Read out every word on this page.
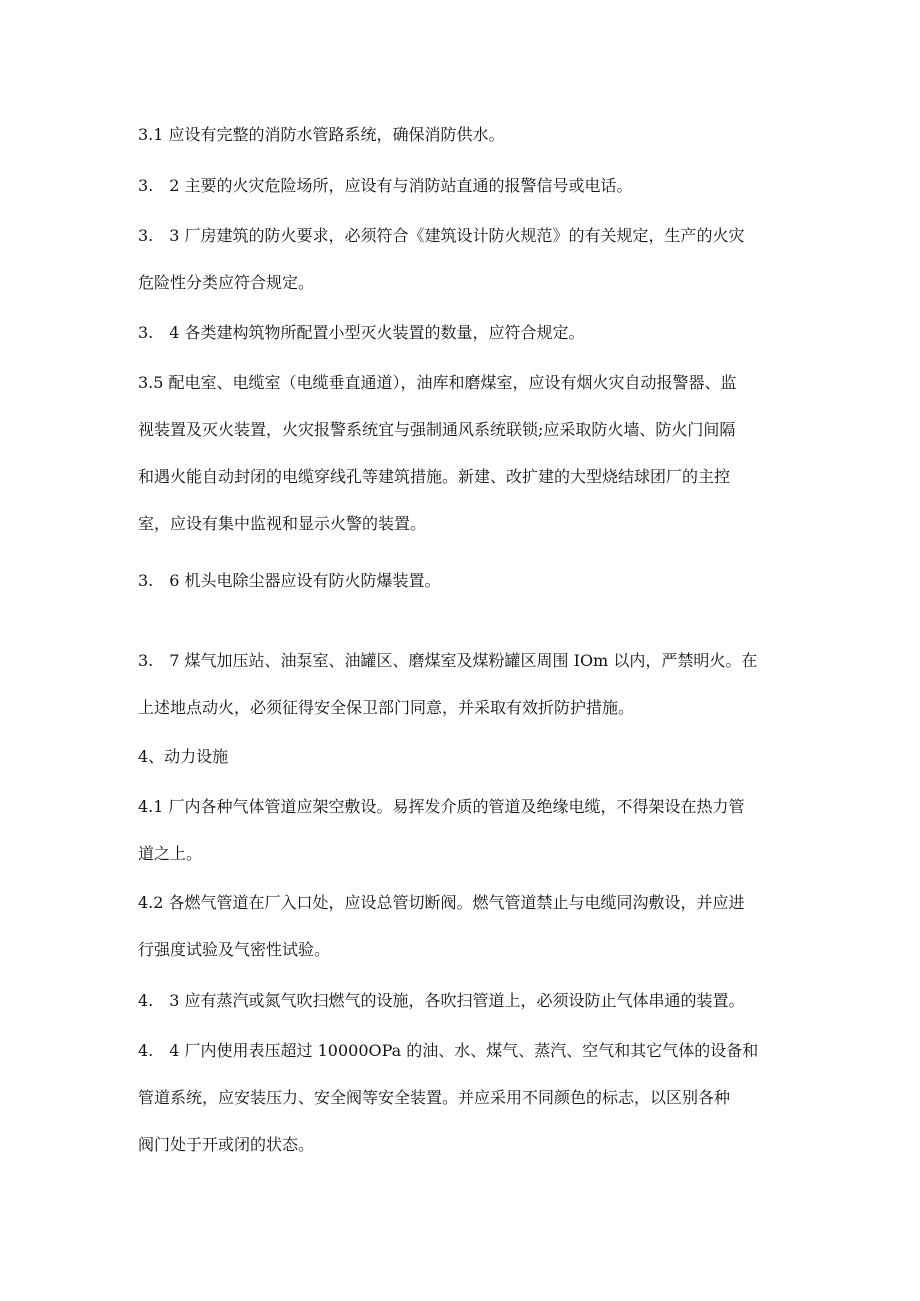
3.1 应设有完整的消防水管路系统，确保消防供水。
3.　2 主要的火灾危险场所，应设有与消防站直通的报警信号或电话。
3.　3 厂房建筑的防火要求，必须符合《建筑设计防火规范》的有关规定，生产的火灾
危险性分类应符合规定。
3.　4 各类建构筑物所配置小型灭火装置的数量，应符合规定。
3.5 配电室、电缆室（电缆垂直通道），油库和磨煤室，应设有烟火灾自动报警器、监
视装置及灭火装置，火灾报警系统宜与强制通风系统联锁;应采取防火墙、防火门间隔
和遇火能自动封闭的电缆穿线孔等建筑措施。新建、改扩建的大型烧结球团厂的主控
室，应设有集中监视和显示火警的装置。
3.　6 机头电除尘器应设有防火防爆装置。
3.　7 煤气加压站、油泵室、油罐区、磨煤室及煤粉罐区周围 IOm 以内，严禁明火。在
上述地点动火，必须征得安全保卫部门同意，并采取有效折防护措施。
4、动力设施
4.1 厂内各种气体管道应架空敷设。易挥发介质的管道及绝缘电缆，不得架设在热力管
道之上。
4.2 各燃气管道在厂入口处，应设总管切断阀。燃气管道禁止与电缆同沟敷设，并应进
行强度试验及气密性试验。
4.　3 应有蒸汽或氮气吹扫燃气的设施，各吹扫管道上，必须设防止气体串通的装置。
4.　4 厂内使用表压超过 10000OPa 的油、水、煤气、蒸汽、空气和其它气体的设备和
管道系统，应安装压力、安全阀等安全装置。并应采用不同颜色的标志，以区别各种
阀门处于开或闭的状态。
